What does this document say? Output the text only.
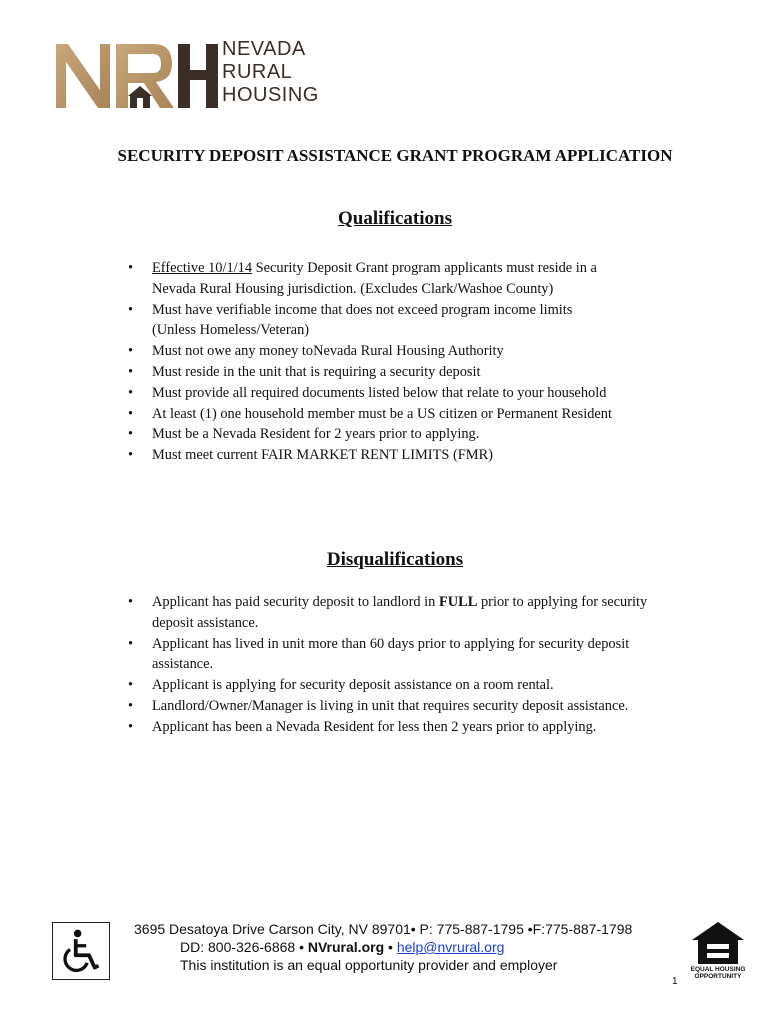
NEVADA
RURAL
HOUSING
SECURITY DEPOSIT ASSISTANCE GRANT PROGRAM APPLICATION
Qualifications
• Effective 10/1/14 Security Deposit Grant program applicants must reside in a
Nevada Rural Housing jurisdiction. (Excludes Clark/Washoe County)
• Must have verifiable income that does not exceed program income limits
(Unless Homeless/Veteran)
• Must not owe any money toNevada Rural Housing Authority
• Must reside in the unit that is requiring a security deposit
• Must provide all required documents listed below that relate to your household
• At least (1) one household member must be a US citizen or Permanent Resident
• Must be a Nevada Resident for 2 years prior to applying.
• Must meet current FAIR MARKET RENT LIMITS (FMR)
Disqualifications
• Applicant has paid security deposit to landlord in FULL prior to applying for security
deposit assistance.
• Applicant has lived in unit more than 60 days prior to applying for security deposit
assistance.
• Applicant is applying for security deposit assistance on a room rental.
• Landlord/Owner/Manager is living in unit that requires security deposit assistance.
• Applicant has been a Nevada Resident for less then 2 years prior to applying.
3695 Desatoya Drive Carson City, NV 89701• P: 775-887-1795 •F:775-887-1798
DD: 800-326-6868 • NVrural.org • help@nvrural.org
This institution is an equal opportunity provider and employer	EQUAL HOUSING
OPPORTUNITY
1
